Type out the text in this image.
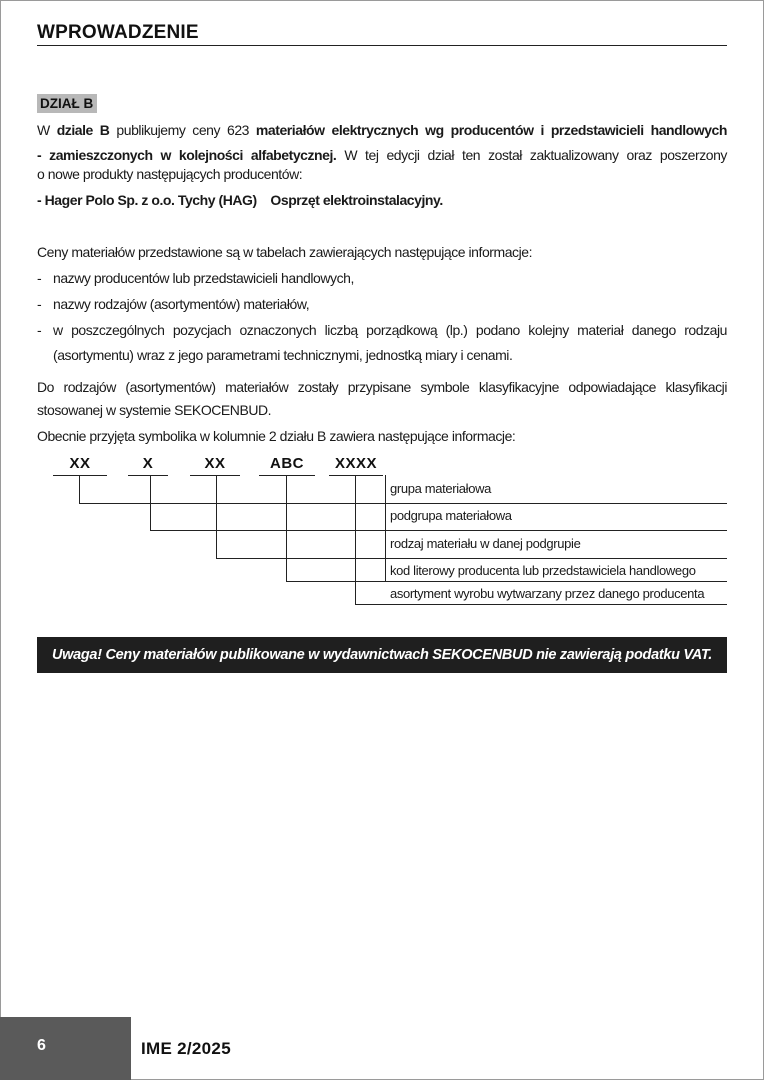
WPROWADZENIE
DZIAŁ B
W dziale B publikujemy ceny 623 materiałów elektrycznych wg producentów i przedstawicieli handlowych
- zamieszczonych w kolejności alfabetycznej. W tej edycji dział ten został zaktualizowany oraz poszerzony
o nowe produkty następujących producentów:
- Hager Polo Sp. z o.o. Tychy (HAG)    Osprzęt elektroinstalacyjny.
Ceny materiałów przedstawione są w tabelach zawierających następujące informacje:
- nazwy producentów lub przedstawicieli handlowych,
- nazwy rodzajów (asortymentów) materiałów,
- w poszczególnych pozycjach oznaczonych liczbą porządkową (lp.) podano kolejny materiał danego rodzaju
(asortymentu) wraz z jego parametrami technicznymi, jednostką miary i cenami.
Do rodzajów (asortymentów) materiałów zostały przypisane symbole klasyfikacyjne odpowiadające klasyfikacji
stosowanej w systemie SEKOCENBUD.
Obecnie przyjęta symbolika w kolumnie 2 działu B zawiera następujące informacje:
XX	X	XX	ABC	XXXX
grupa materiałowa
podgrupa materiałowa
rodzaj materiału w danej podgrupie
kod literowy producenta lub przedstawiciela handlowego
asortyment wyrobu wytwarzany przez danego producenta
Uwaga! Ceny materiałów publikowane w wydawnictwach SEKOCENBUD nie zawierają podatku VAT.
6	IME 2/2025
